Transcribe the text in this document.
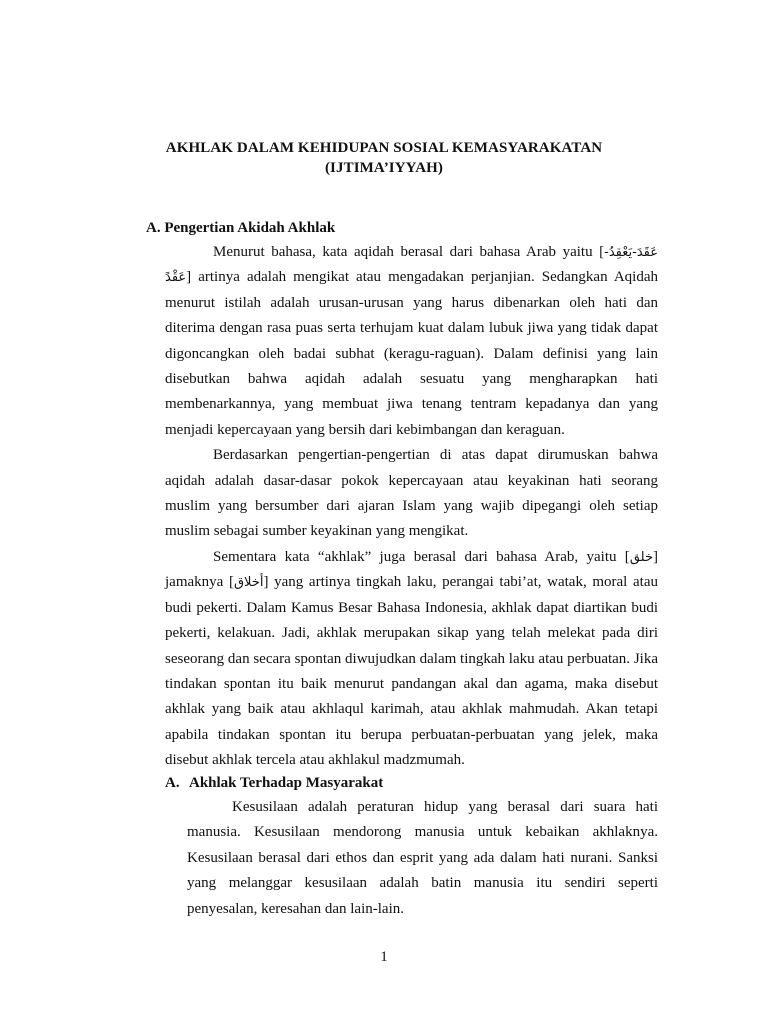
AKHLAK DALAM KEHIDUPAN SOSIAL KEMASYARAKATAN
(IJTIMA’IYYAH)
A. Pengertian Akidah Akhlak

Menurut bahasa, kata aqidah berasal dari bahasa Arab yaitu [عَقَدَ-يَعْقِدُ- عَقْدً] artinya adalah mengikat atau mengadakan perjanjian. Sedangkan Aqidah menurut istilah adalah urusan-urusan yang harus dibenarkan oleh hati dan diterima dengan rasa puas serta terhujam kuat dalam lubuk jiwa yang tidak dapat digoncangkan oleh badai subhat (keragu-raguan). Dalam definisi yang lain disebutkan bahwa aqidah adalah sesuatu yang mengharapkan hati membenarkannya, yang membuat jiwa tenang tentram kepadanya dan yang menjadi kepercayaan yang bersih dari kebimbangan dan keraguan.

Berdasarkan pengertian-pengertian di atas dapat dirumuskan bahwa aqidah adalah dasar-dasar pokok kepercayaan atau keyakinan hati seorang muslim yang bersumber dari ajaran Islam yang wajib dipegangi oleh setiap muslim sebagai sumber keyakinan yang mengikat.

Sementara kata “akhlak” juga berasal dari bahasa Arab, yaitu [خلق] jamaknya [أخلاق] yang artinya tingkah laku, perangai tabi’at, watak, moral atau budi pekerti. Dalam Kamus Besar Bahasa Indonesia, akhlak dapat diartikan budi pekerti, kelakuan. Jadi, akhlak merupakan sikap yang telah melekat pada diri seseorang dan secara spontan diwujudkan dalam tingkah laku atau perbuatan. Jika tindakan spontan itu baik menurut pandangan akal dan agama, maka disebut akhlak yang baik atau akhlaqul karimah, atau akhlak mahmudah. Akan tetapi apabila tindakan spontan itu berupa perbuatan-perbuatan yang jelek, maka disebut akhlak tercela atau akhlakul madzmumah.

A. Akhlak Terhadap Masyarakat

Kesusilaan adalah peraturan hidup yang berasal dari suara hati manusia. Kesusilaan mendorong manusia untuk kebaikan akhlaknya. Kesusilaan berasal dari ethos dan esprit yang ada dalam hati nurani. Sanksi yang melanggar kesusilaan adalah batin manusia itu sendiri seperti penyesalan, keresahan dan lain-lain.

1
